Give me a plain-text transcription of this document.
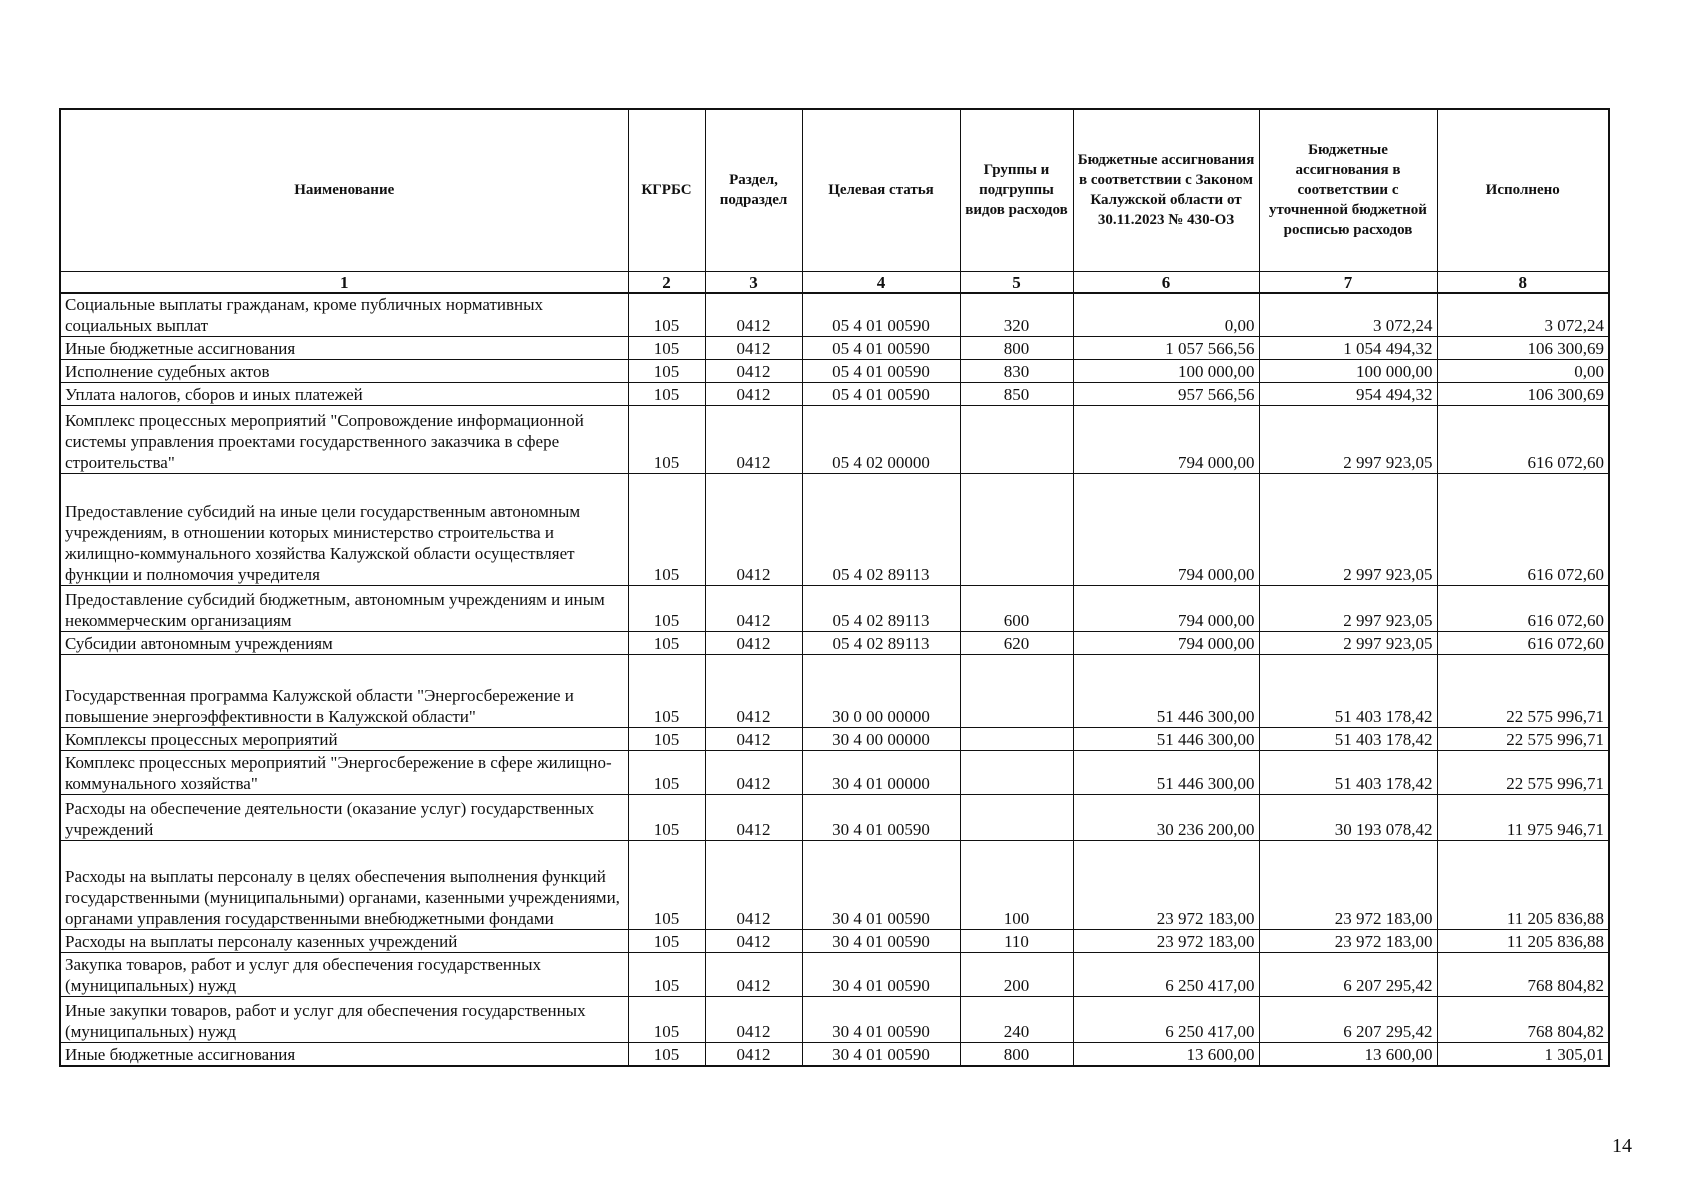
Наименование	КГРБС	Раздел, подраздел	Целевая статья	Группы и подгруппы видов расходов	Бюджетные ассигнования в соответствии с Законом Калужской области от 30.11.2023 № 430-ОЗ	Бюджетные ассигнования в соответствии с уточненной бюджетной росписью расходов	Исполнено
1	2	3	4	5	6	7	8
Социальные выплаты гражданам, кроме публичных нормативных социальных выплат	105	0412	05 4 01 00590	320	0,00	3 072,24	3 072,24
Иные бюджетные ассигнования	105	0412	05 4 01 00590	800	1 057 566,56	1 054 494,32	106 300,69
Исполнение судебных актов	105	0412	05 4 01 00590	830	100 000,00	100 000,00	0,00
Уплата налогов, сборов и иных платежей	105	0412	05 4 01 00590	850	957 566,56	954 494,32	106 300,69
Комплекс процессных мероприятий "Сопровождение информационной системы управления проектами государственного заказчика в сфере строительства"	105	0412	05 4 02 00000		794 000,00	2 997 923,05	616 072,60
Предоставление субсидий на иные цели государственным автономным учреждениям, в отношении которых министерство строительства и жилищно-коммунального хозяйства Калужской области осуществляет функции и полномочия учредителя	105	0412	05 4 02 89113		794 000,00	2 997 923,05	616 072,60
Предоставление субсидий бюджетным, автономным учреждениям и иным некоммерческим организациям	105	0412	05 4 02 89113	600	794 000,00	2 997 923,05	616 072,60
Субсидии автономным учреждениям	105	0412	05 4 02 89113	620	794 000,00	2 997 923,05	616 072,60
Государственная программа Калужской области "Энергосбережение и повышение энергоэффективности в Калужской области"	105	0412	30 0 00 00000		51 446 300,00	51 403 178,42	22 575 996,71
Комплексы процессных мероприятий	105	0412	30 4 00 00000		51 446 300,00	51 403 178,42	22 575 996,71
Комплекс процессных мероприятий "Энергосбережение в сфере жилищно-коммунального хозяйства"	105	0412	30 4 01 00000		51 446 300,00	51 403 178,42	22 575 996,71
Расходы на обеспечение деятельности (оказание услуг) государственных учреждений	105	0412	30 4 01 00590		30 236 200,00	30 193 078,42	11 975 946,71
Расходы на выплаты персоналу в целях обеспечения выполнения функций государственными (муниципальными) органами, казенными учреждениями, органами управления государственными внебюджетными фондами	105	0412	30 4 01 00590	100	23 972 183,00	23 972 183,00	11 205 836,88
Расходы на выплаты персоналу казенных учреждений	105	0412	30 4 01 00590	110	23 972 183,00	23 972 183,00	11 205 836,88
Закупка товаров, работ и услуг для обеспечения государственных (муниципальных) нужд	105	0412	30 4 01 00590	200	6 250 417,00	6 207 295,42	768 804,82
Иные закупки товаров, работ и услуг для обеспечения государственных (муниципальных) нужд	105	0412	30 4 01 00590	240	6 250 417,00	6 207 295,42	768 804,82
Иные бюджетные ассигнования	105	0412	30 4 01 00590	800	13 600,00	13 600,00	1 305,01
14
